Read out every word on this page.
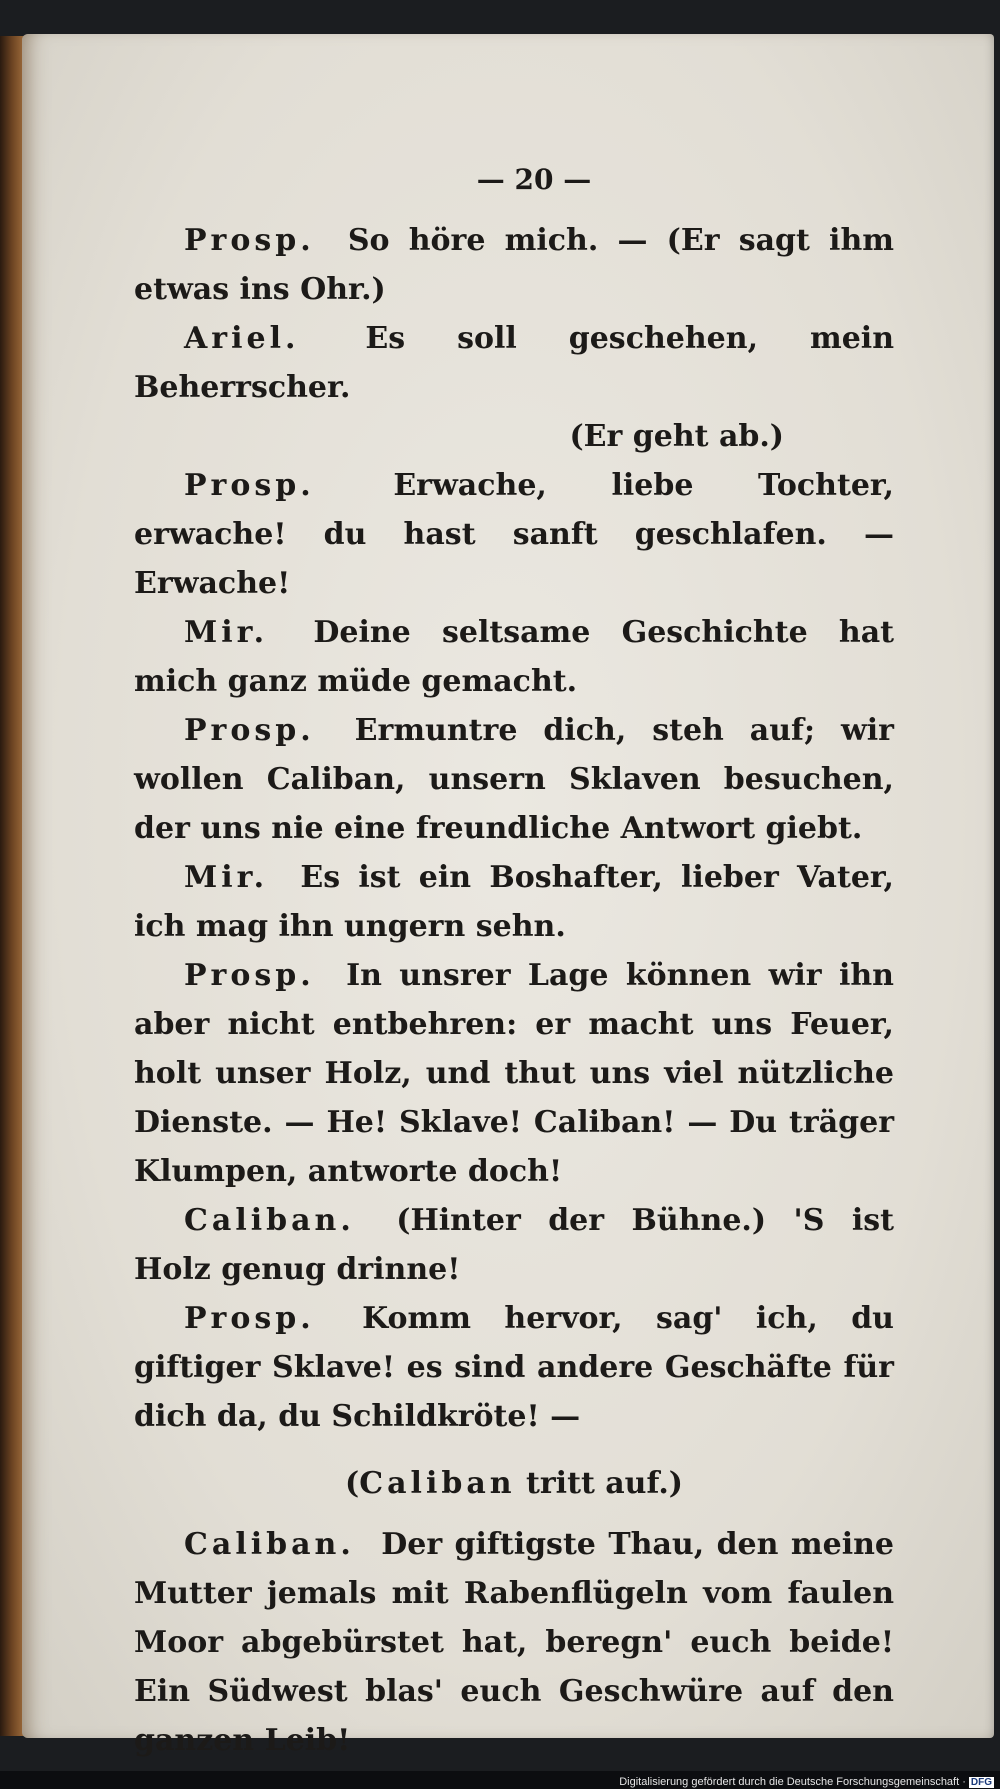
— 20 —

Prosp. So höre mich. — (Er sagt ihm etwas ins Ohr.)

Ariel. Es soll geschehen, mein Beherrscher.

(Er geht ab.)

Prosp.	Erwache, liebe Tochter, erwache! du hast sanft geschlafen. — Erwache!

Mir. Deine seltsame Geschichte hat mich ganz müde gemacht.

Prosp. Ermuntre dich, steh auf; wir wollen Caliban, unsern Sklaven besuchen, der uns nie eine freundliche Antwort giebt.

Mir. Es ist ein Boshafter, lieber Vater, ich mag ihn ungern sehn.

Prosp. In unsrer Lage können wir ihn aber nicht entbehren: er macht uns Feuer, holt unser Holz, und thut uns viel nützliche Dienste. — He! Sklave! Caliban! — Du träger Klumpen, antworte doch!

Caliban. (Hinter der Bühne.) 'S ist Holz genug drinne!

Prosp. Komm hervor, sag' ich, du giftiger Sklave! es sind andere Geschäfte für dich da, du Schildkröte! —

(Caliban tritt auf.)

Caliban. Der giftigste Thau, den meine Mutter jemals mit Rabenflügeln vom faulen Moor abgebürstet hat, beregn' euch beide! Ein Südwest blas' euch Geschwüre auf den ganzen Leib!

Digitalisierung gefördert durch die Deutsche Forschungsgemeinschaft · DFG
